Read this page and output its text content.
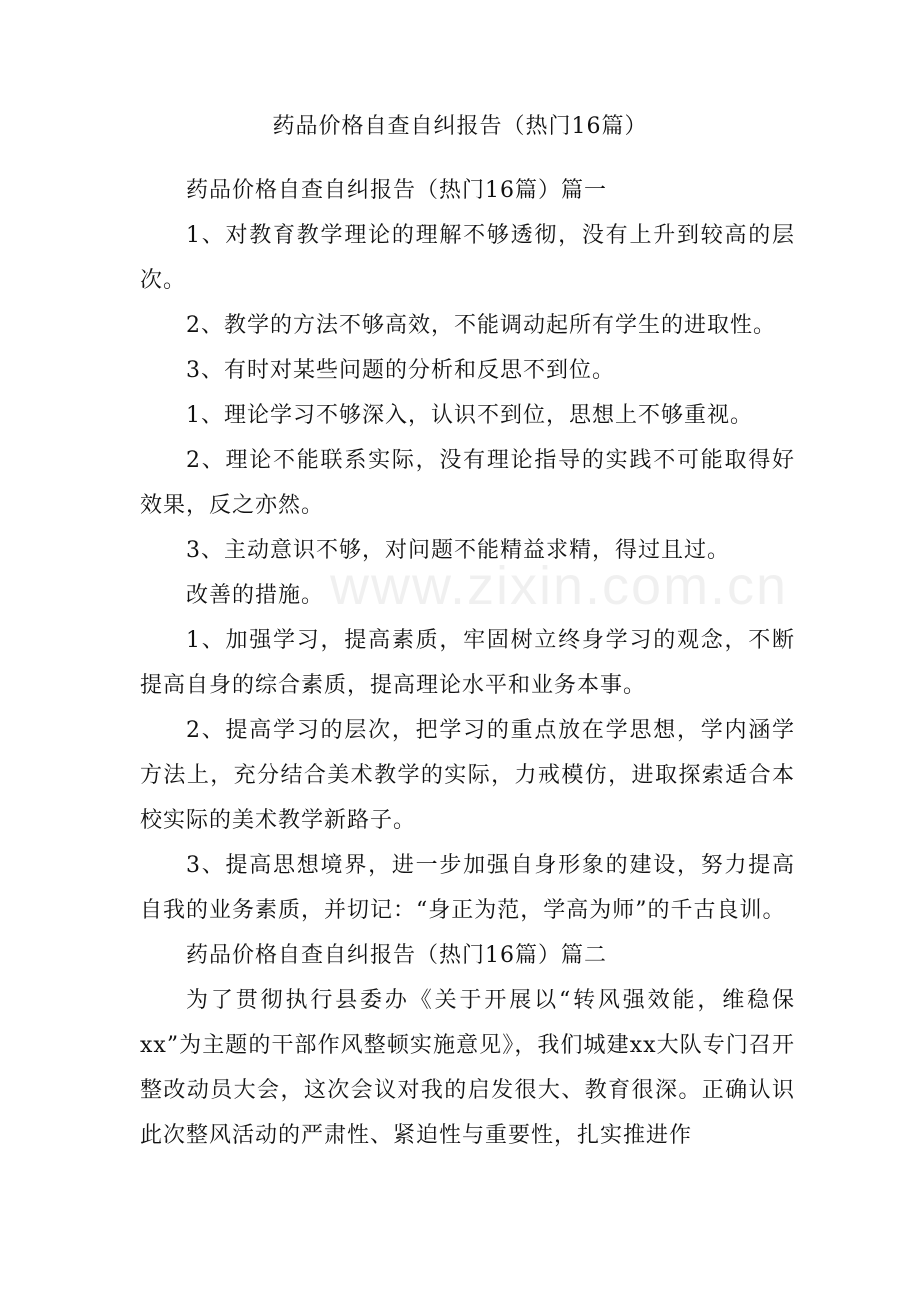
www.zixin.com.cn
药品价格自查自纠报告（热门16篇）

药品价格自查自纠报告（热门16篇）篇一

1、对教育教学理论的理解不够透彻，没有上升到较高的层次。

2、教学的方法不够高效，不能调动起所有学生的进取性。

3、有时对某些问题的分析和反思不到位。

1、理论学习不够深入，认识不到位，思想上不够重视。

2、理论不能联系实际，没有理论指导的实践不可能取得好效果，反之亦然。

3、主动意识不够，对问题不能精益求精，得过且过。

改善的措施。

1、加强学习，提高素质，牢固树立终身学习的观念，不断提高自身的综合素质，提高理论水平和业务本事。

2、提高学习的层次，把学习的重点放在学思想，学内涵学方法上，充分结合美术教学的实际，力戒模仿，进取探索适合本校实际的美术教学新路子。

3、提高思想境界，进一步加强自身形象的建设，努力提高自我的业务素质，并切记：“身正为范，学高为师”的千古良训。

药品价格自查自纠报告（热门16篇）篇二

为了贯彻执行县委办《关于开展以“转风强效能，维稳保xx”为主题的干部作风整顿实施意见》，我们城建xx大队专门召开整改动员大会，这次会议对我的启发很大、教育很深。正确认识此次整风活动的严肃性、紧迫性与重要性，扎实推进作
